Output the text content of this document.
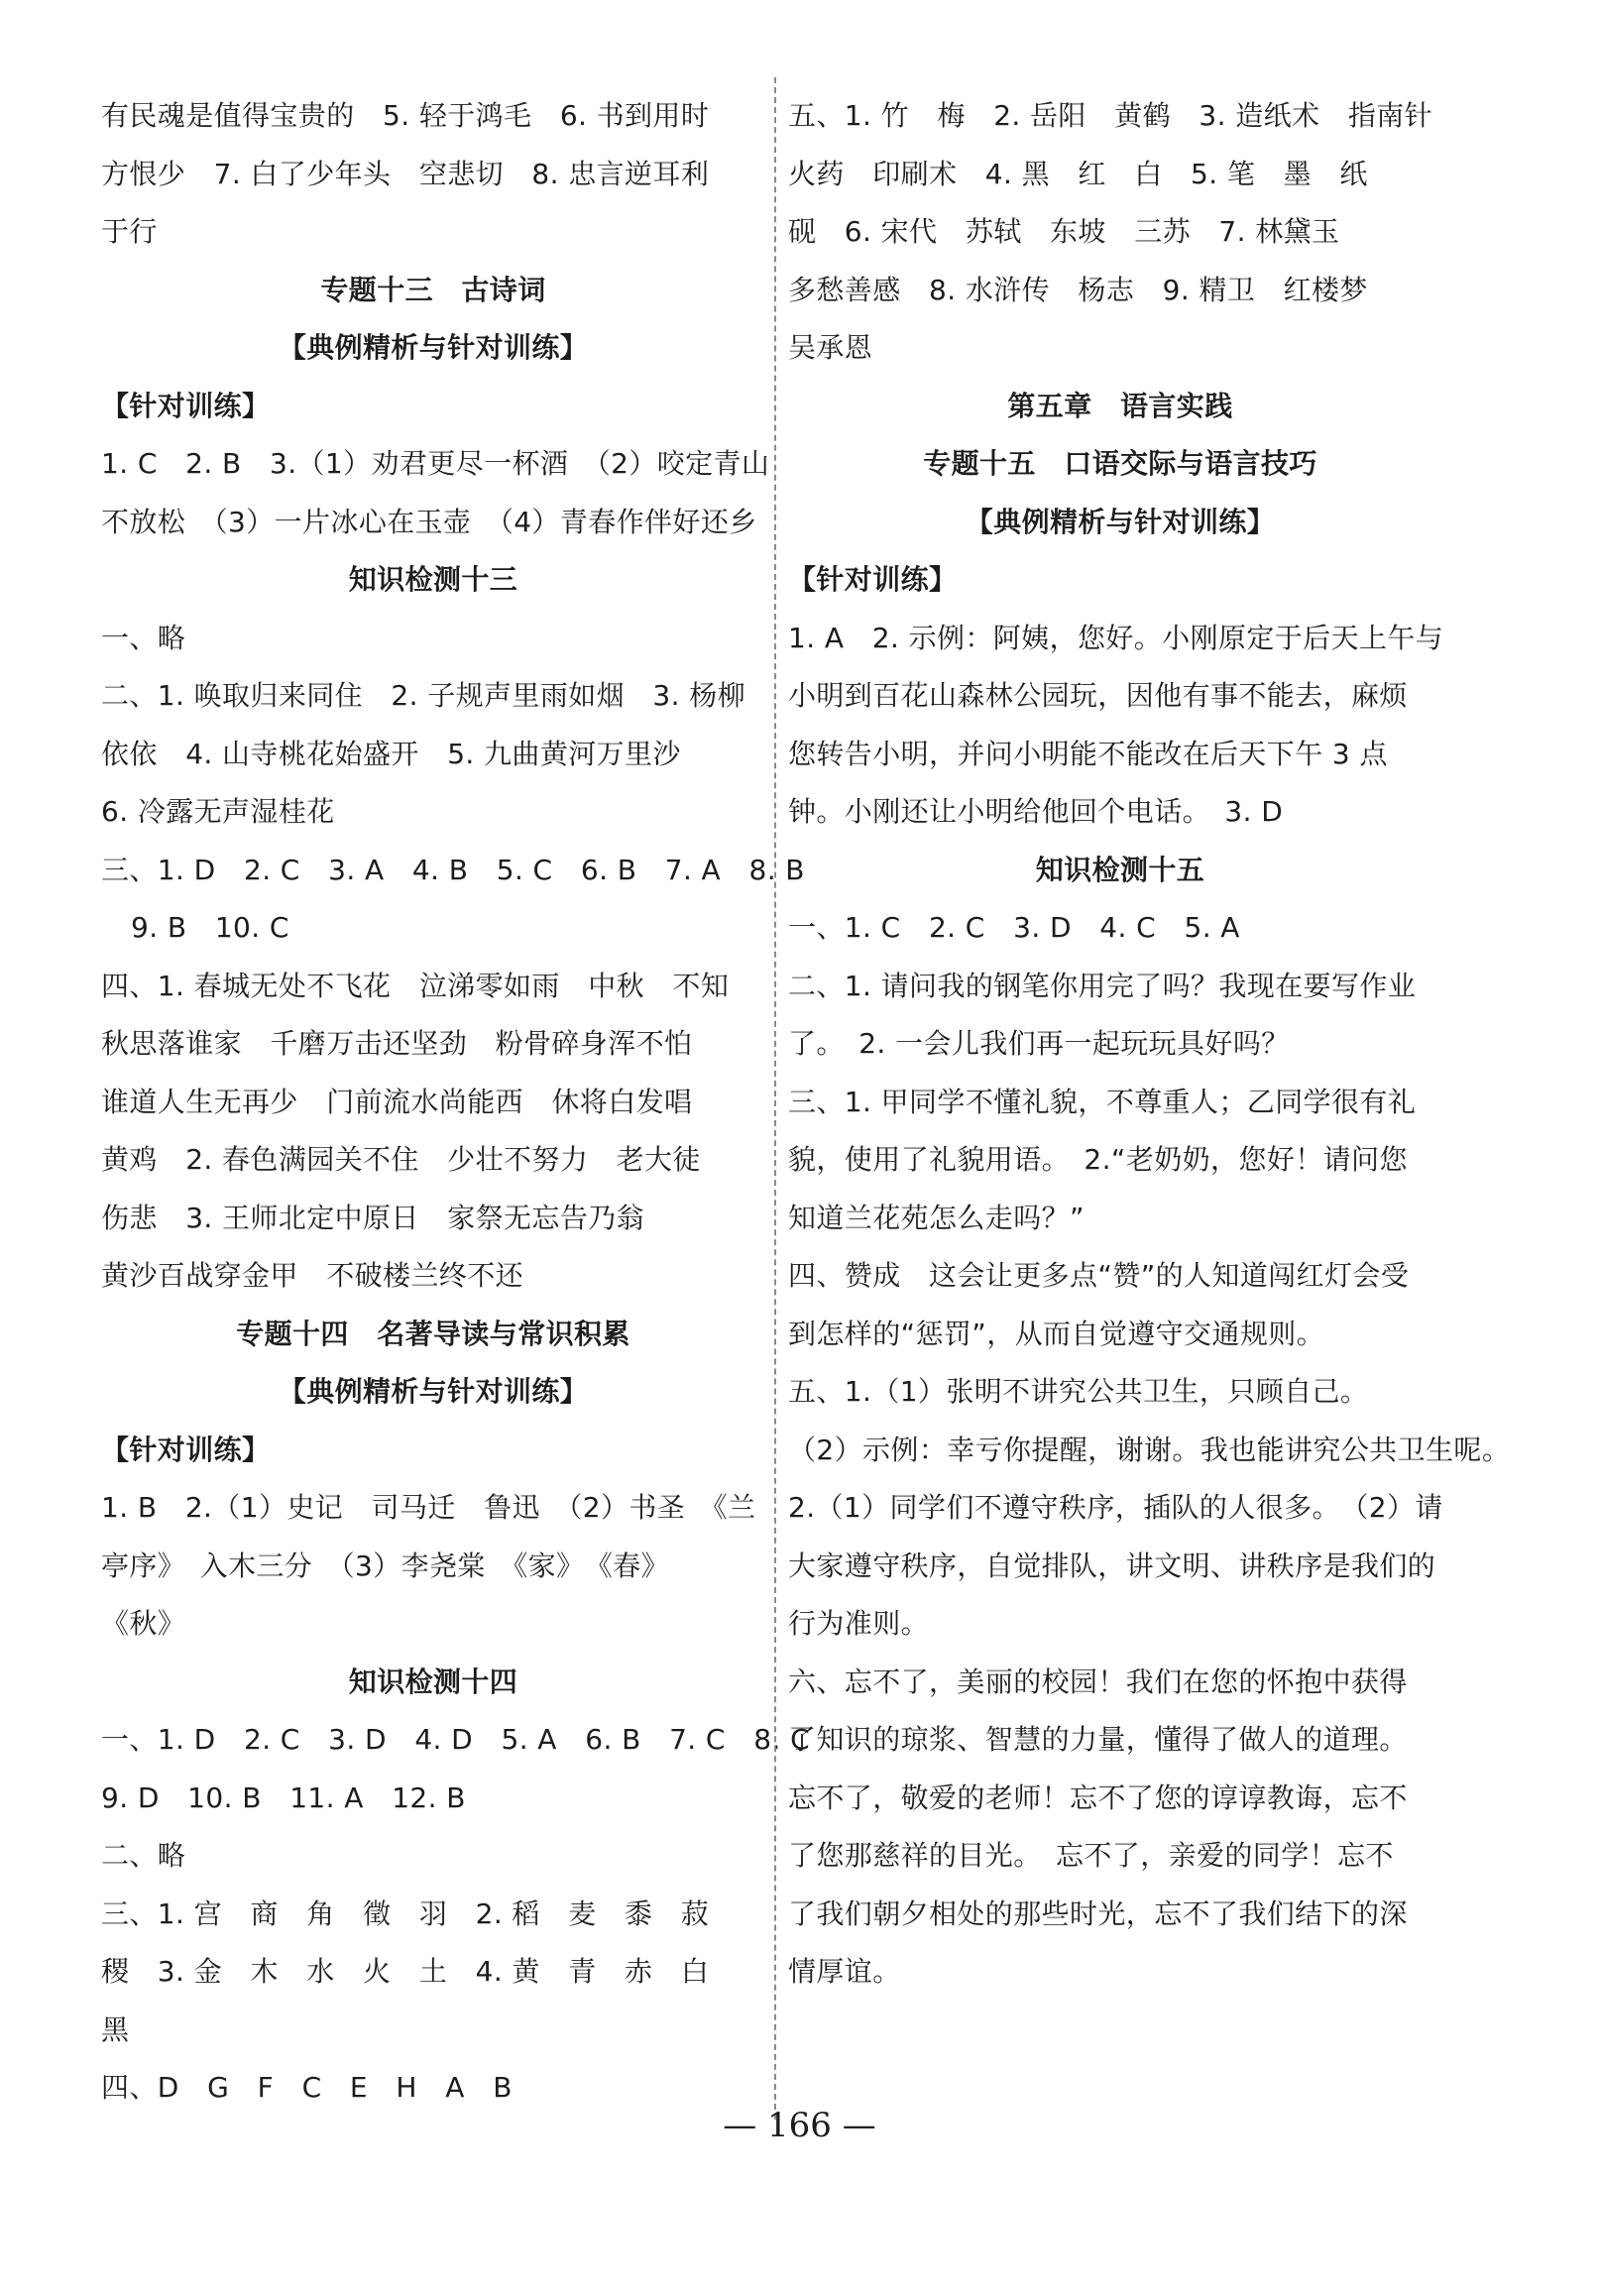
有民魂是值得宝贵的　5. 轻于鸿毛　6. 书到用时
方恨少　7. 白了少年头　空悲切　8. 忠言逆耳利
于行
专题十三　古诗词
【典例精析与针对训练】
【针对训练】
1. C　2. B　3.（1）劝君更尽一杯酒　（2）咬定青山
不放松　（3）一片冰心在玉壶　（4）青春作伴好还乡
知识检测十三
一、略
二、1. 唤取归来同住　2. 子规声里雨如烟　3. 杨柳
依依　4. 山寺桃花始盛开　5. 九曲黄河万里沙
6. 冷露无声湿桂花
三、1. D　2. C　3. A　4. B　5. C　6. B　7. A　8. B
9. B　10. C
四、1. 春城无处不飞花　泣涕零如雨　中秋　不知
秋思落谁家　千磨万击还坚劲　粉骨碎身浑不怕
谁道人生无再少　门前流水尚能西　休将白发唱
黄鸡　2. 春色满园关不住　少壮不努力　老大徒
伤悲　3. 王师北定中原日　家祭无忘告乃翁
黄沙百战穿金甲　不破楼兰终不还
专题十四　名著导读与常识积累
【典例精析与针对训练】
【针对训练】
1. B　2.（1）史记　司马迁　鲁迅　（2）书圣　《兰
亭序》　入木三分　（3）李尧棠　《家》　《春》
《秋》
知识检测十四
一、1. D　2. C　3. D　4. D　5. A　6. B　7. C　8. C
9. D　10. B　11. A　12. B
二、略
三、1. 宫　商　角　徵　羽　2. 稻　麦　黍　菽
稷　3. 金　木　水　火　土　4. 黄　青　赤　白
黑
四、D　G　F　C　E　H　A　B
五、1. 竹　梅　2. 岳阳　黄鹤　3. 造纸术　指南针
火药　印刷术　4. 黑　红　白　5. 笔　墨　纸
砚　6. 宋代　苏轼　东坡　三苏　7. 林黛玉
多愁善感　8. 水浒传　杨志　9. 精卫　红楼梦
吴承恩
第五章　语言实践
专题十五　口语交际与语言技巧
【典例精析与针对训练】
【针对训练】
1. A　2. 示例：阿姨，您好。小刚原定于后天上午与
小明到百花山森林公园玩，因他有事不能去，麻烦
您转告小明，并问小明能不能改在后天下午 3 点
钟。小刚还让小明给他回个电话。　3. D
知识检测十五
一、1. C　2. C　3. D　4. C　5. A
二、1. 请问我的钢笔你用完了吗？我现在要写作业
了。　2. 一会儿我们再一起玩玩具好吗？
三、1. 甲同学不懂礼貌，不尊重人；乙同学很有礼
貌，使用了礼貌用语。　2.“老奶奶，您好！请问您
知道兰花苑怎么走吗？”
四、赞成　这会让更多点“赞”的人知道闯红灯会受
到怎样的“惩罚”，从而自觉遵守交通规则。
五、1.（1）张明不讲究公共卫生，只顾自己。
（2）示例：幸亏你提醒，谢谢。我也能讲究公共卫生呢。
2.（1）同学们不遵守秩序，插队的人很多。　（2）请
大家遵守秩序，自觉排队，讲文明、讲秩序是我们的
行为准则。
六、忘不了，美丽的校园！我们在您的怀抱中获得
了知识的琼浆、智慧的力量，懂得了做人的道理。
忘不了，敬爱的老师！忘不了您的谆谆教诲，忘不
了您那慈祥的目光。　忘不了，亲爱的同学！忘不
了我们朝夕相处的那些时光，忘不了我们结下的深
情厚谊。
— 166 —
